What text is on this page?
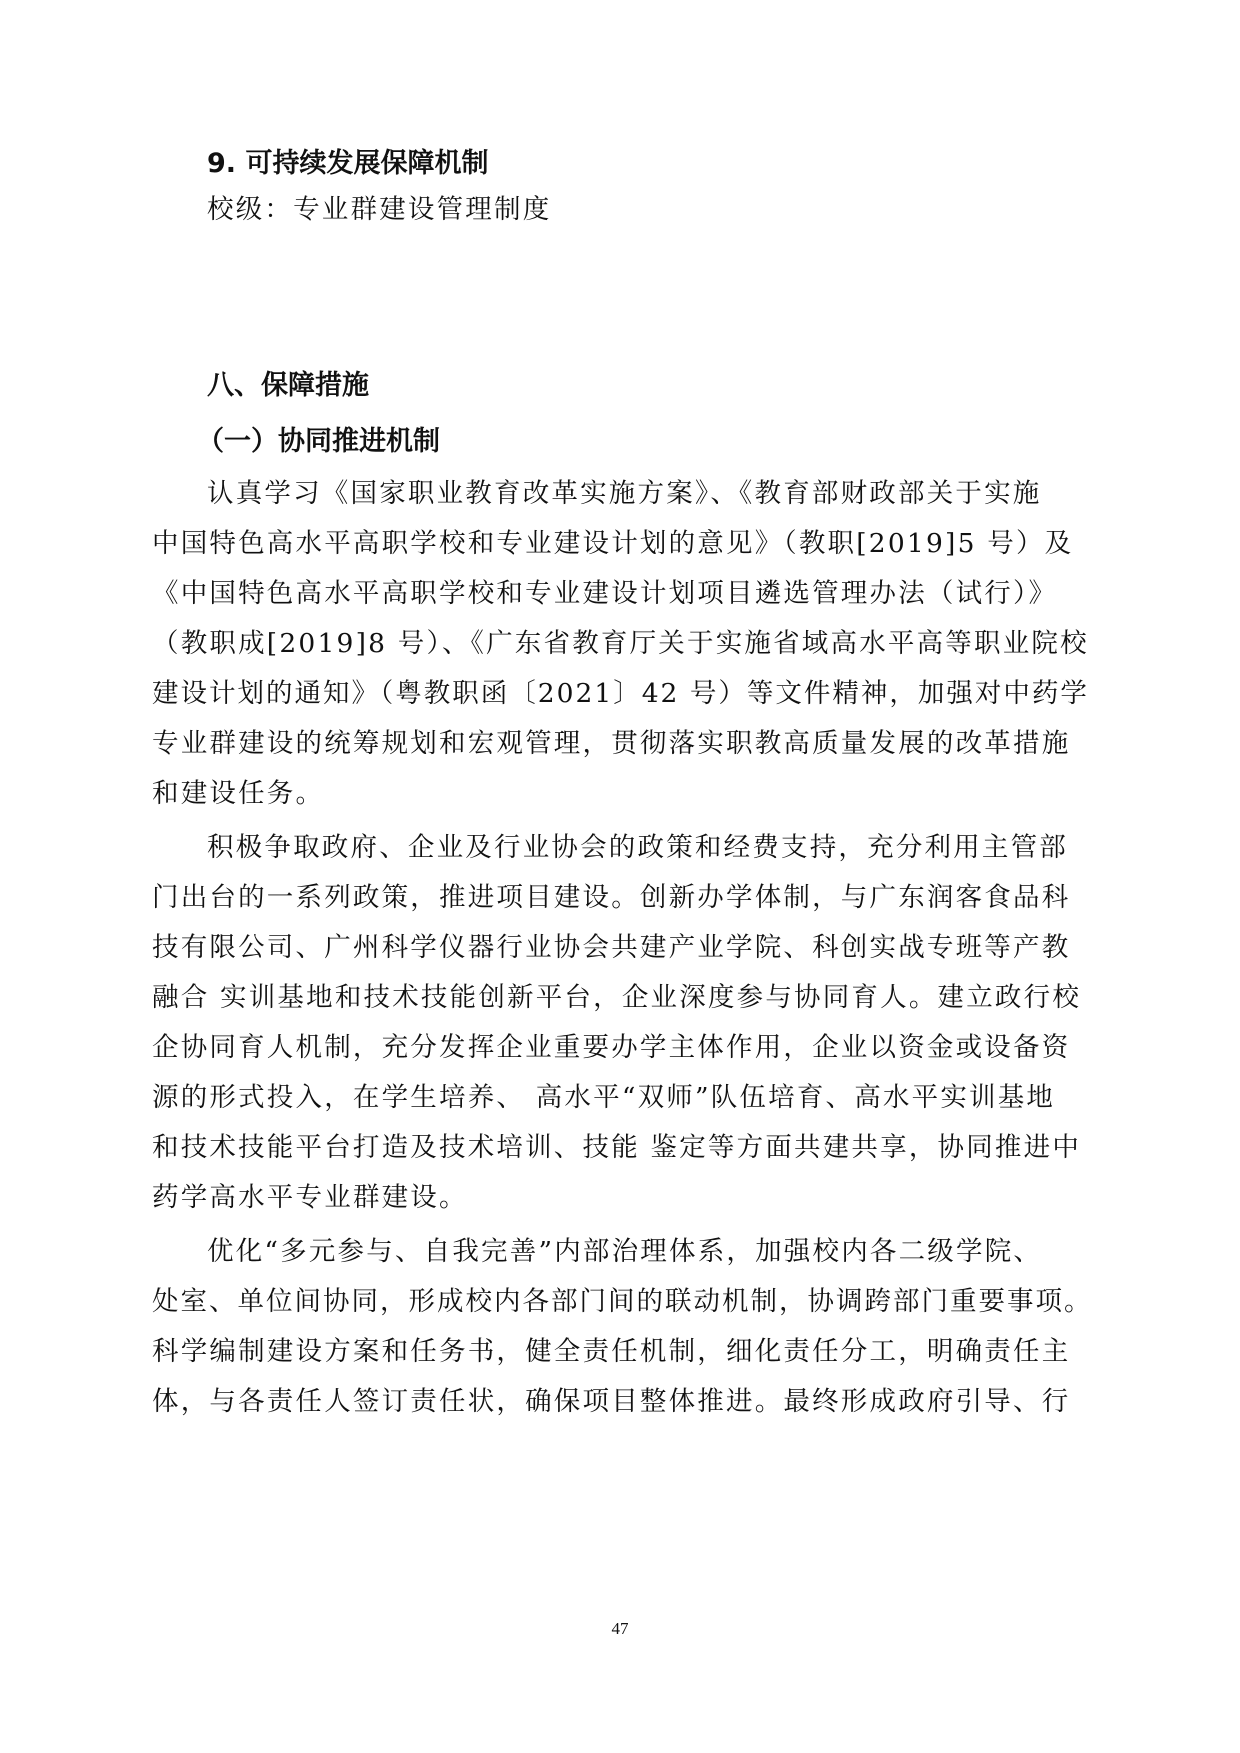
9. 可持续发展保障机制

校级：专业群建设管理制度

八、保障措施
（一）协同推进机制

认真学习《国家职业教育改革实施方案》、《教育部财政部关于实施

中国特色高水平高职学校和专业建设计划的意见》（教职[2019]5 号）及

《中国特色高水平高职学校和专业建设计划项目遴选管理办法（试行）》

（教职成[2019]8 号）、《广东省教育厅关于实施省域高水平高等职业院校

建设计划的通知》（粤教职函〔2021〕42 号）等文件精神，加强对中药学

专业群建设的统筹规划和宏观管理，贯彻落实职教高质量发展的改革措施

和建设任务。

积极争取政府、企业及行业协会的政策和经费支持，充分利用主管部

门出台的一系列政策，推进项目建设。创新办学体制，与广东润客食品科

技有限公司、广州科学仪器行业协会共建产业学院、科创实战专班等产教

融合 实训基地和技术技能创新平台，企业深度参与协同育人。建立政行校

企协同育人机制，充分发挥企业重要办学主体作用，企业以资金或设备资

源的形式投入，在学生培养、 高水平“双师”队伍培育、高水平实训基地

和技术技能平台打造及技术培训、技能 鉴定等方面共建共享，协同推进中

药学高水平专业群建设。

优化“多元参与、自我完善”内部治理体系，加强校内各二级学院、

处室、单位间协同，形成校内各部门间的联动机制，协调跨部门重要事项。

科学编制建设方案和任务书，健全责任机制，细化责任分工，明确责任主

体，与各责任人签订责任状，确保项目整体推进。最终形成政府引导、行

47
